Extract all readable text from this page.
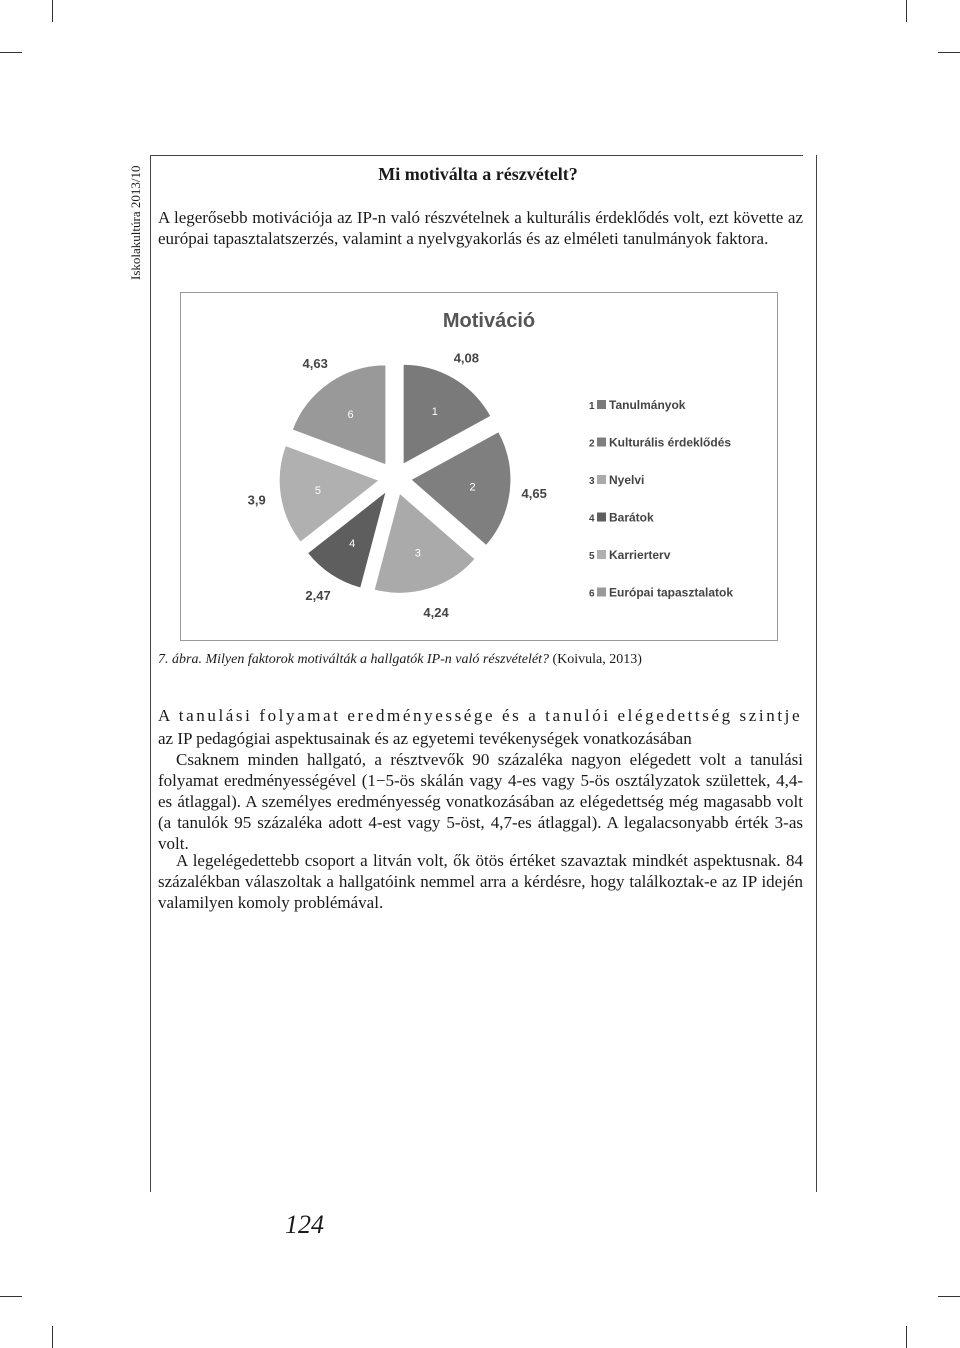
Iskolakultúra 2013/10	Mi motiválta a részvételt?
A legerősebb motivációja az IP-n való részvételnek a kulturális érdeklődés volt, ezt követte az európai tapasztalatszerzés, valamint a nyelvgyakorlás és az elméleti tanulmányok faktora.
Motiváció
1
4,08
2	4,65
3
4,24
4
2,47
5
3,9
6
4,63
1 Tanulmányok
2 Kulturális érdeklődés
3 Nyelvi
4 Barátok
5 Karrierterv
6 Európai tapasztalatok
7. ábra. Milyen faktorok motiválták a hallgatók IP-n való részvételét? (Koivula, 2013)
A tanulási folyamat eredményessége és a tanulói elégedettség szintje
az IP pedagógiai aspektusainak és az egyetemi tevékenységek vonatkozásában
Csaknem minden hallgató, a résztvevők 90 százaléka nagyon elégedett volt a tanulási folyamat eredményességével (1−5-ös skálán vagy 4-es vagy 5-ös osztályzatok születtek, 4,4-es átlaggal). A személyes eredményesség vonatkozásában az elégedettség még magasabb volt (a tanulók 95 százaléka adott 4-est vagy 5-öst, 4,7-es átlaggal). A legalacsonyabb érték 3-as volt.
A legelégedettebb csoport a litván volt, ők ötös értéket szavaztak mindkét aspektusnak. 84 százalékban válaszoltak a hallgatóink nemmel arra a kérdésre, hogy találkoztak-e az IP idején valamilyen komoly problémával.
124
